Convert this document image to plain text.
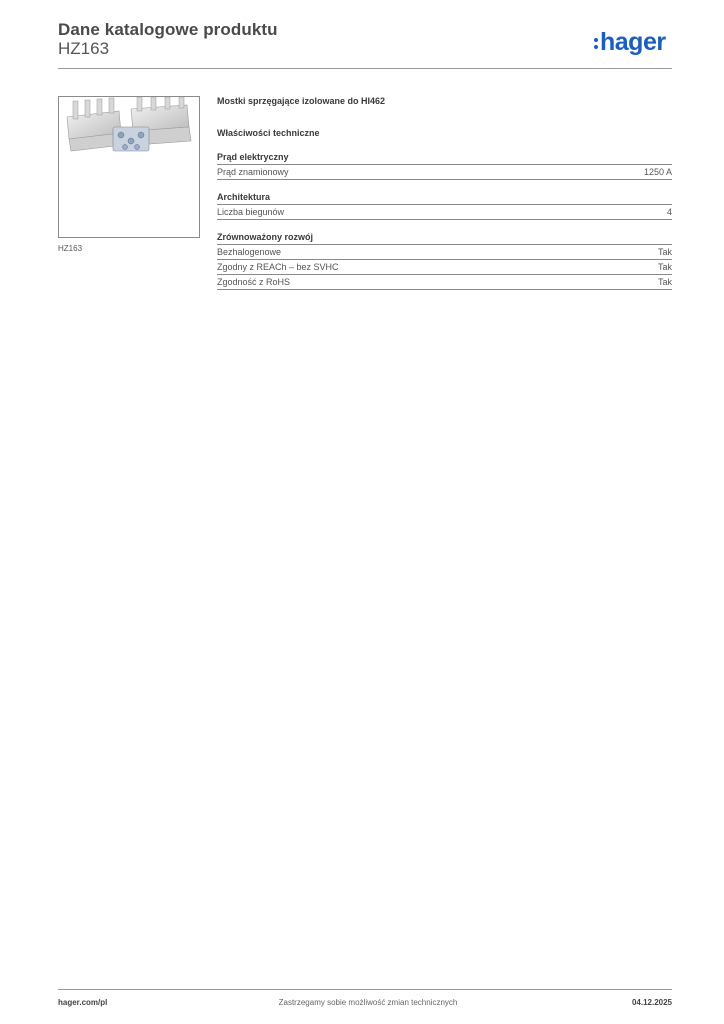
Dane katalogowe produktu
HZ163	hager
HZ163
Mostki sprzęgające izolowane do HI462
Właściwości techniczne
Prąd elektryczny
Prąd znamionowy	1250 A
Architektura
Liczba biegunów	4
Zrównoważony rozwój
Bezhalogenowe	Tak
Zgodny z REACh – bez SVHC	Tak
Zgodność z RoHS	Tak
hager.com/pl	Zastrzegamy sobie możliwość zmian technicznych	04.12.2025
